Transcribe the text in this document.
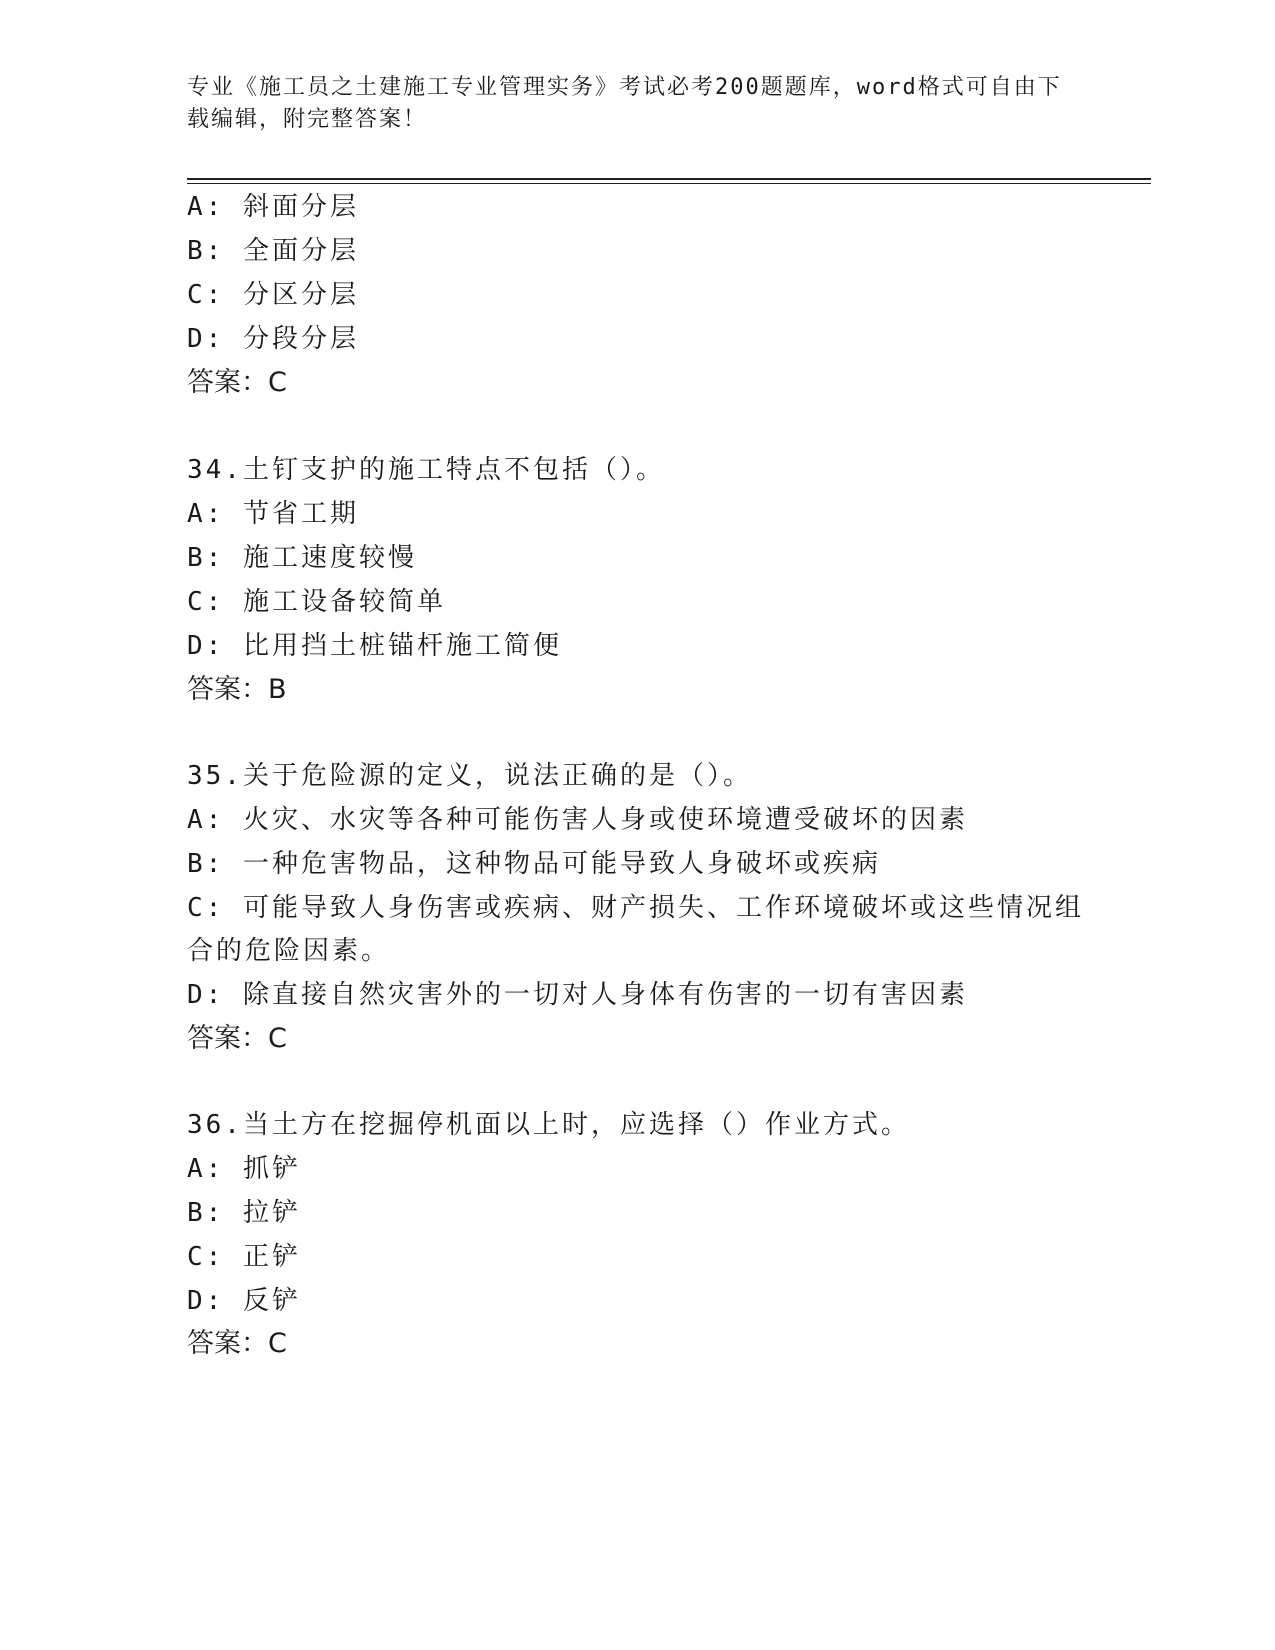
专业《施工员之土建施工专业管理实务》考试必考200题题库，word格式可自由下载编辑，附完整答案！
A: 斜面分层
B: 全面分层
C: 分区分层
D: 分段分层
答案：C
34.土钉支护的施工特点不包括（）。
A: 节省工期
B: 施工速度较慢
C: 施工设备较简单
D: 比用挡土桩锚杆施工简便
答案：B
35.关于危险源的定义，说法正确的是（）。
A: 火灾、水灾等各种可能伤害人身或使环境遭受破坏的因素
B: 一种危害物品，这种物品可能导致人身破坏或疾病
C: 可能导致人身伤害或疾病、财产损失、工作环境破坏或这些情况组
合的危险因素。
D: 除直接自然灾害外的一切对人身体有伤害的一切有害因素
答案：C
36.当土方在挖掘停机面以上时，应选择（）作业方式。
A: 抓铲
B: 拉铲
C: 正铲
D: 反铲
答案：C
